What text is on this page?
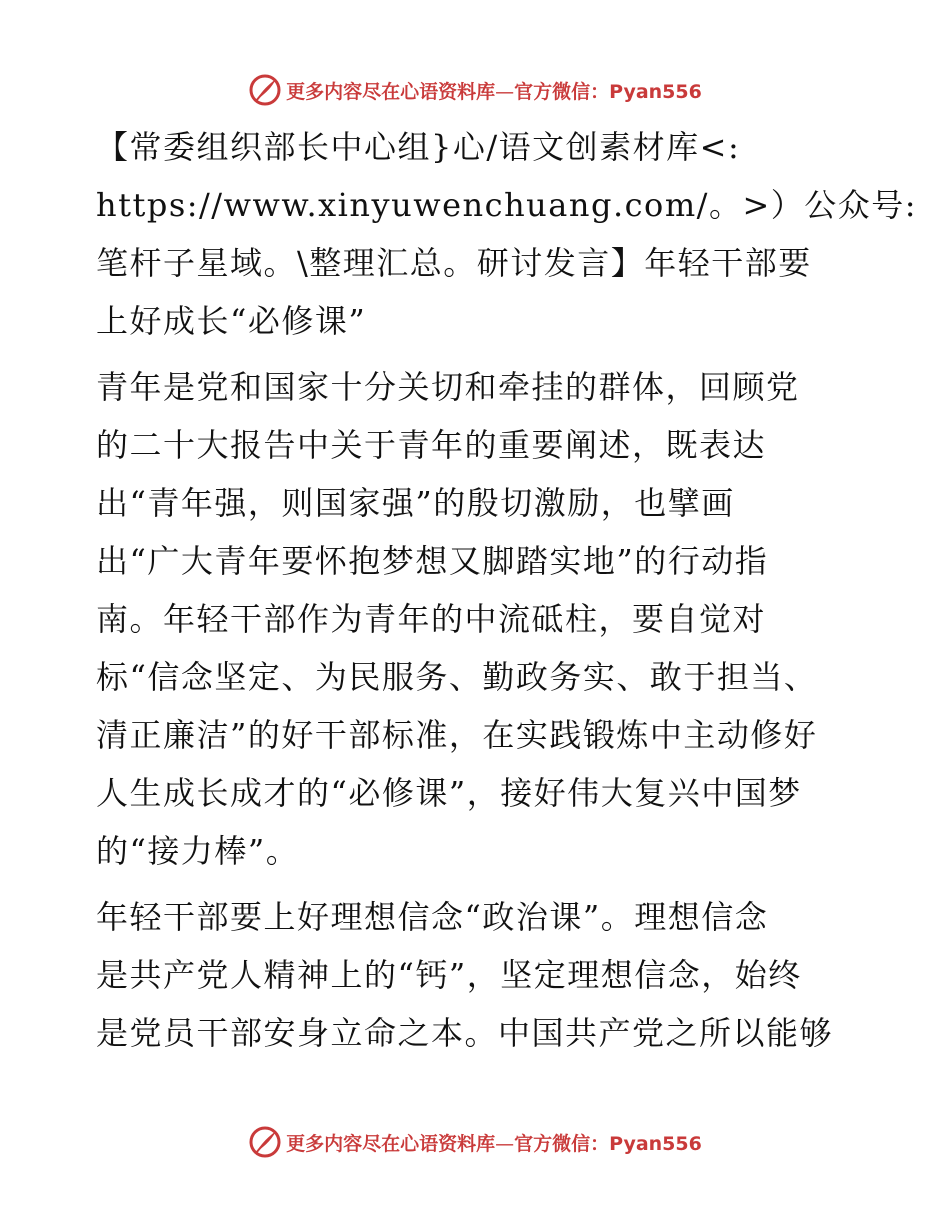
更多内容尽在心语资料库—官方微信：Pyan556
【常委组织部长中心组}心/语文创素材库<:
https://www.xinyuwenchuang.com/。>）公众号:
笔杆子星域。\整理汇总。研讨发言】年轻干部要
上好成长“必修课”
青年是党和国家十分关切和牵挂的群体，回顾党
的二十大报告中关于青年的重要阐述，既表达
出“青年强，则国家强”的殷切激励，也擘画
出“广大青年要怀抱梦想又脚踏实地”的行动指
南。年轻干部作为青年的中流砥柱，要自觉对
标“信念坚定、为民服务、勤政务实、敢于担当、
清正廉洁”的好干部标准，在实践锻炼中主动修好
人生成长成才的“必修课”，接好伟大复兴中国梦
的“接力棒”。
年轻干部要上好理想信念“政治课”。理想信念
是共产党人精神上的“钙”，坚定理想信念，始终
是党员干部安身立命之本。中国共产党之所以能够
更多内容尽在心语资料库—官方微信：Pyan556
